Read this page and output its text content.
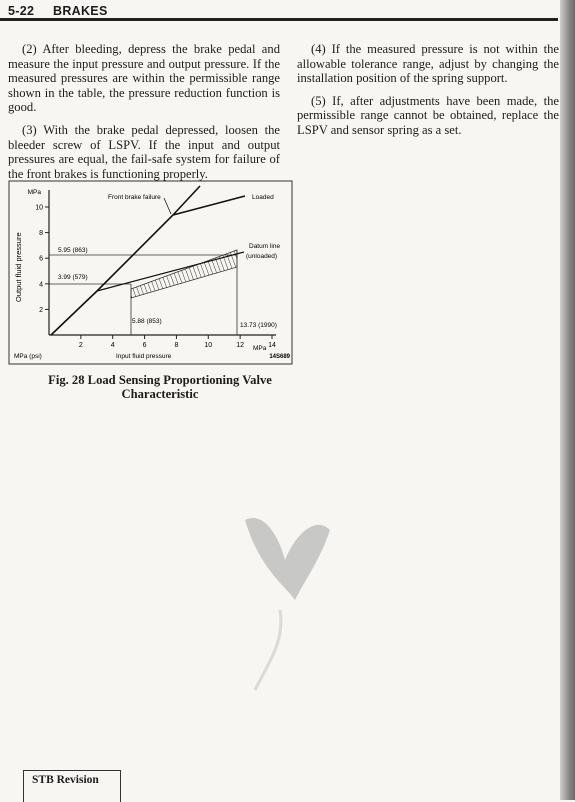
5-22 BRAKES

(2) After bleeding, depress the brake pedal and measure the input pressure and output pressure. If the measured pressures are within the permissible range shown in the table, the pressure reduction function is good.

(3) With the brake pedal depressed, loosen the bleeder screw of LSPV. If the input and output pressures are equal, the fail-safe system for failure of the front brakes is functioning properly.

(4) If the measured pressure is not within the allowable tolerance range, adjust by changing the installation position of the spring support.

(5) If, after adjustments have been made, the permissible range cannot be obtained, replace the LSPV and sensor spring as a set.

2
4
6
8
10
2	4	6	8	10	12	14
MPa
Output fluid pressure
Front brake failure	Loaded
Datum line
(unloaded)
5.95 (863)
3.99 (579)
5.88 (853)
13.73 (1990)
MPa
MPa (psi)	Input fluid pressure	14S689
Fig. 28 Load Sensing Proportioning Valve
Characteristic
STB Revision
